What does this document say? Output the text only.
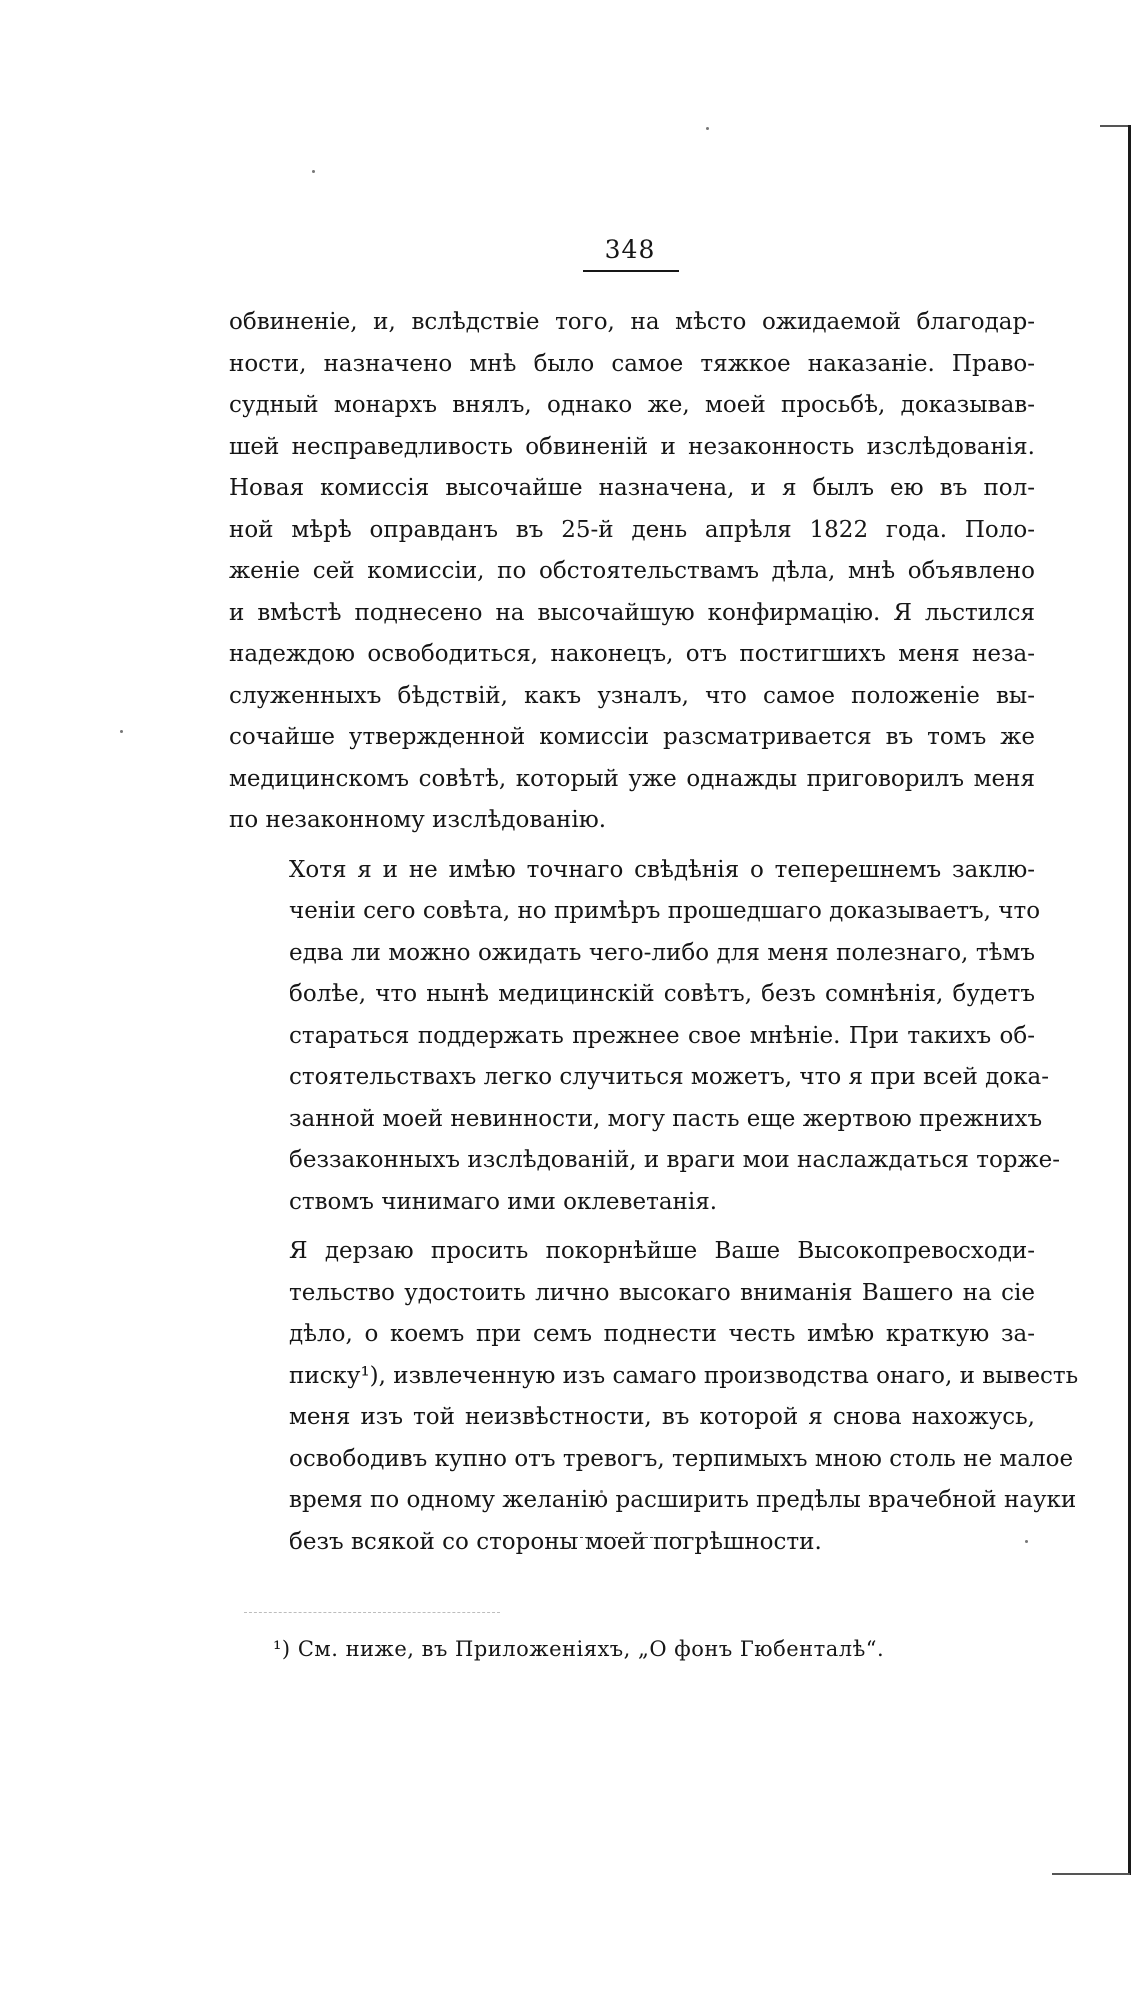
348

обвиненіе, и, вслѣдствіе того, на мѣсто ожидаемой благодар-
ности, назначено мнѣ было самое тяжкое наказаніе. Право-
судный монархъ внялъ, однако же, моей просьбѣ, доказывав-
шей несправедливость обвиненій и незаконность изслѣдованія.
Новая комиссія высочайше назначена, и я былъ ею въ пол-
ной мѣрѣ оправданъ въ 25-й день апрѣля 1822 года. Поло-
женіе сей комиссіи, по обстоятельствамъ дѣла, мнѣ объявлено
и вмѣстѣ поднесено на высочайшую конфирмацію. Я льстился
надеждою освободиться, наконецъ, отъ постигшихъ меня неза-
служенныхъ бѣдствій, какъ узналъ, что самое положеніе вы-
сочайше утвержденной комиссіи разсматривается въ томъ же
медицинскомъ совѣтѣ, который уже однажды приговорилъ меня
по незаконному изслѣдованію.

Хотя я и не имѣю точнаго свѣдѣнія о теперешнемъ заклю-
ченіи сего совѣта, но примѣръ прошедшаго доказываетъ, что
едва ли можно ожидать чего-либо для меня полезнаго, тѣмъ
болѣе, что нынѣ медицинскій совѣтъ, безъ сомнѣнія, будетъ
стараться поддержать прежнее свое мнѣніе. При такихъ об-
стоятельствахъ легко случиться можетъ, что я при всей дока-
занной моей невинности, могу пасть еще жертвою прежнихъ
беззаконныхъ изслѣдованій, и враги мои наслаждаться торже-
ствомъ чинимаго ими оклеветанія.

Я дерзаю просить покорнѣйше Ваше Высокопревосходи-
тельство удостоить лично высокаго вниманія Вашего на сіе
дѣло, о коемъ при семъ поднести честь имѣю краткую за-
писку¹), извлеченную изъ самаго производства онаго, и вывесть
меня изъ той неизвѣстности, въ которой я снова нахожусь,
освободивъ купно отъ тревогъ, терпимыхъ мною столь не малое
время по одному желанію расширить предѣлы врачебной науки
безъ всякой со стороны моей погрѣшности.

¹) См. ниже, въ Приложеніяхъ, „О фонъ Гюбенталѣ“.
